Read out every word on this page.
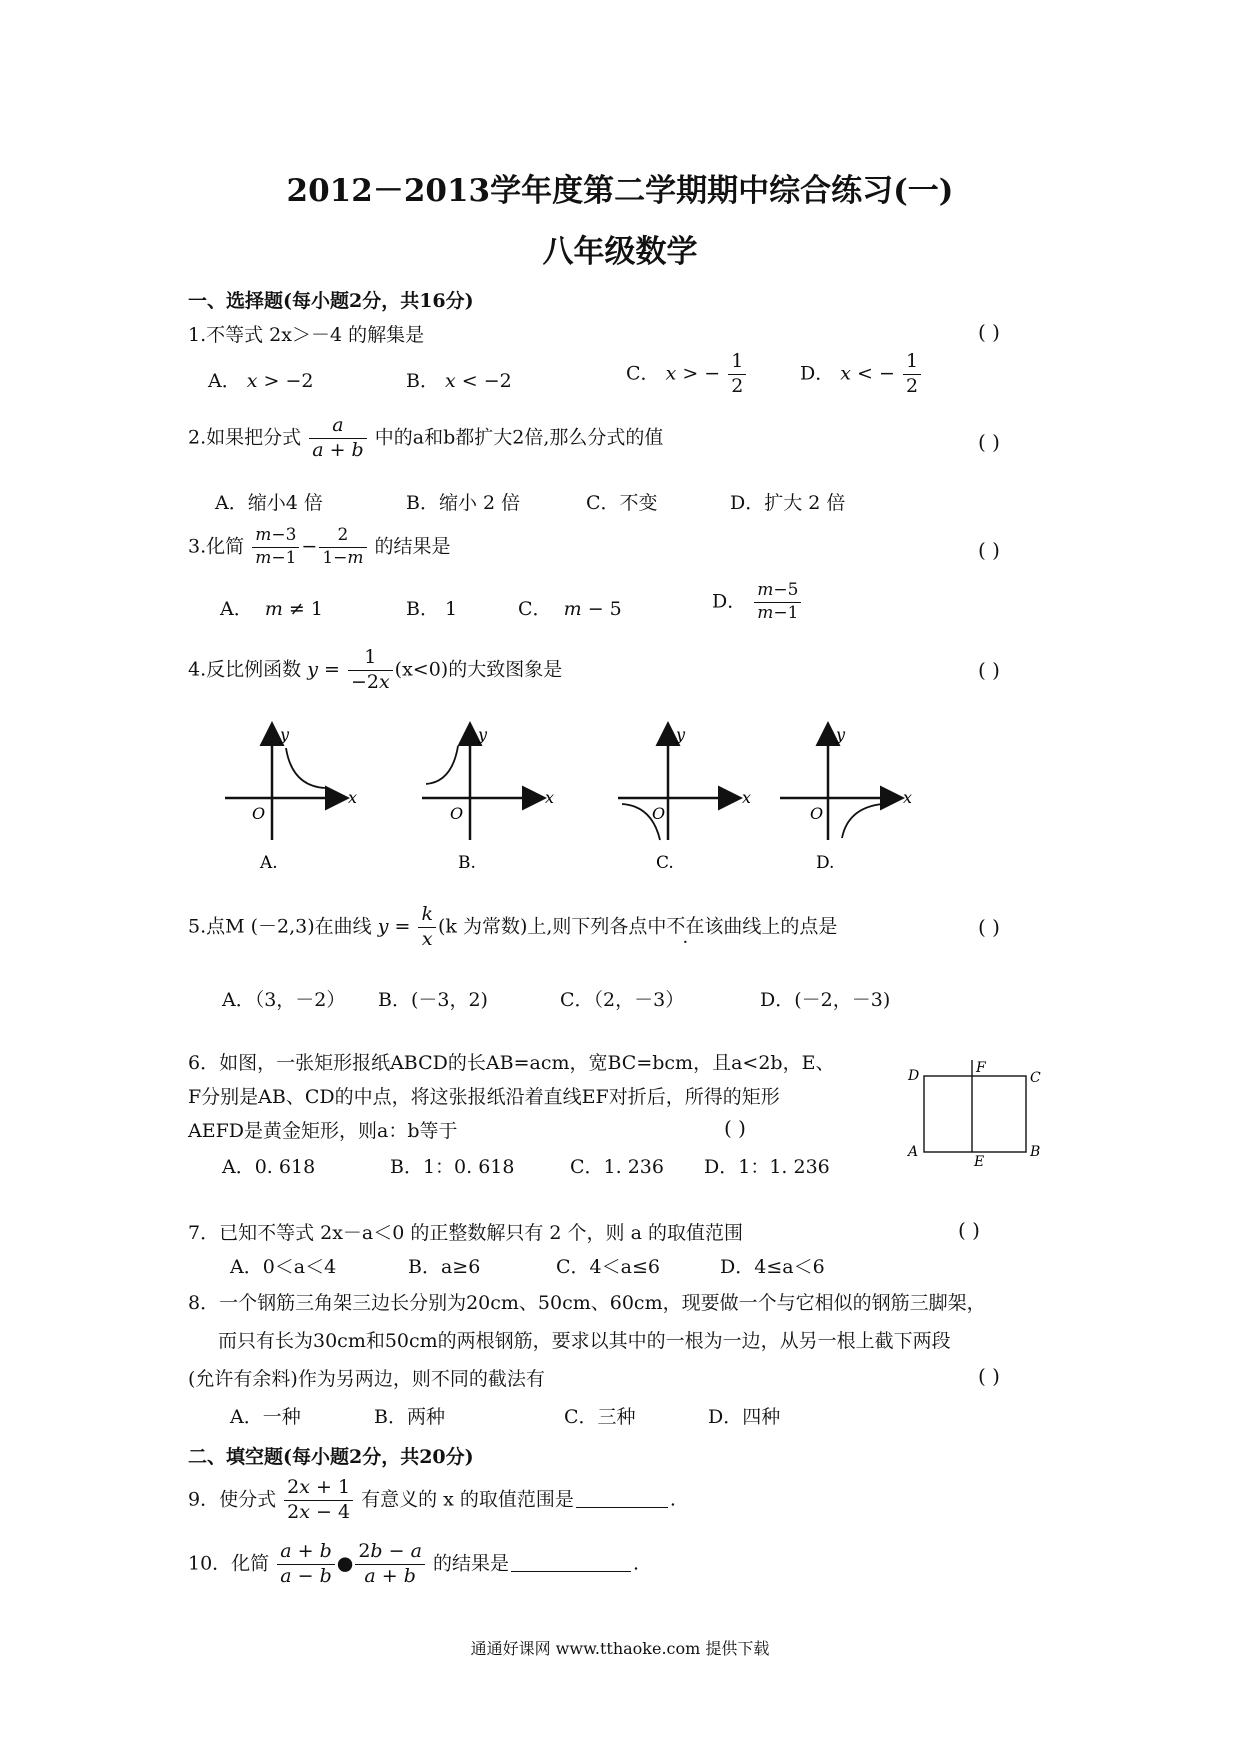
2012－2013学年度第二学期期中综合练习(一)
八年级数学
一、选择题(每小题2分，共16分)
1.不等式 2x＞－4 的解集是	( )
A． x > −2	B． x < −2	C． x > − $\frac{1}{2}$	D． x < − $\frac{1}{2}$
2.如果把分式 $\frac{a}{a + b}$ 中的a和b都扩大2倍,那么分式的值	( )
A．缩小4 倍	B．缩小 2 倍	C．不变	D．扩大 2 倍
3.化简 $\frac{m-3}{m-1} - \frac{2}{1-m}$ 的结果是	( )
A． m ≠ 1	B． 1	C． m − 5	D． $\frac{m-5}{m-1}$
4.反比例函数 $y = \frac{1}{-2x} (x<0)$的大致图象是	( )
y
x
O
A.
y
x
O
B.
y
x
O
C.
y
x
O
D.
5.点M (－2,3)在曲线 $y = \frac{k}{x} (k$ 为常数)上,则下列各点中不在该曲线上的点是	( )
A．（3，－2） B．(－3，2)	C．（2，－3）	D．(－2，－3)
6．如图，一张矩形报纸ABCD的长AB=acm，宽BC=bcm，且a<2b，E、
F分别是AB、CD的中点，将这张报纸沿着直线EF对折后，所得的矩形
AEFD是黄金矩形，则a：b等于	( )
A．0. 618	B．1：0. 618	C．1. 236 D．1：1. 236
D	F
C
A
E
B
7．已知不等式 2x－a＜0 的正整数解只有 2 个，则 a 的取值范围	( )
A．0＜a＜4	B．a≥6	C．4＜a≤6	D．4≤a＜6
8．一个钢筋三角架三边长分别为20cm、50cm、60cm，现要做一个与它相似的钢筋三脚架，
而只有长为30cm和50cm的两根钢筋，要求以其中的一根为一边，从另一根上截下两段
(允许有余料)作为另两边，则不同的截法有	( )
A．一种	B．两种	C．三种	D．四种
二、填空题(每小题2分，共20分)
9．使分式 $\frac{2x + 1}{2x - 4}$ 有意义的 x 的取值范围是	.
10．化简 $\frac{a + b}{a - b}$ ● $\frac{2b - a}{a + b}$ 的结果是	.
通通好课网 www.tthaoke.com 提供下载
